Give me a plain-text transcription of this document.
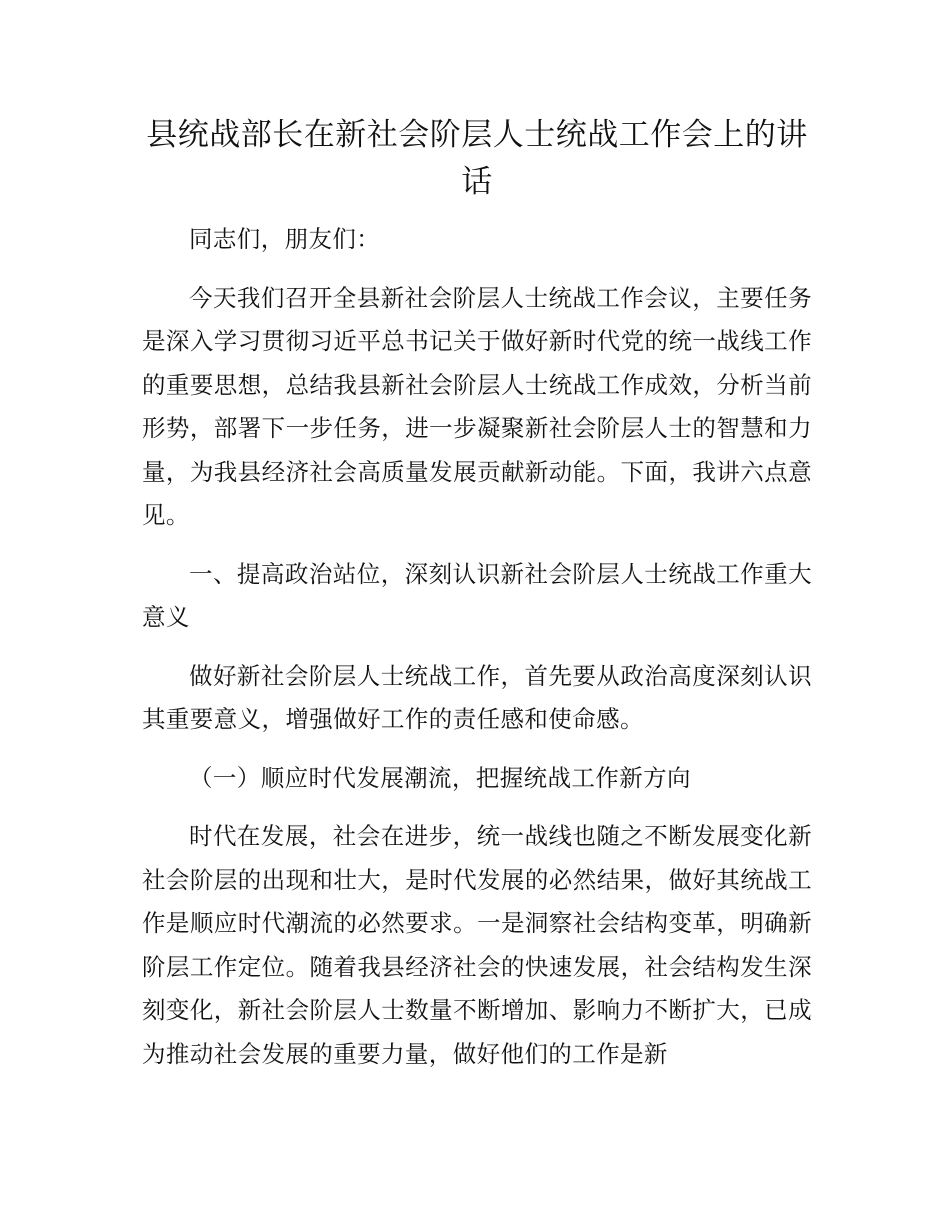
县统战部长在新社会阶层人士统战工作会上的讲话

同志们，朋友们：

今天我们召开全县新社会阶层人士统战工作会议，主要任务是深入学习贯彻习近平总书记关于做好新时代党的统一战线工作的重要思想，总结我县新社会阶层人士统战工作成效，分析当前形势，部署下一步任务，进一步凝聚新社会阶层人士的智慧和力量，为我县经济社会高质量发展贡献新动能。下面，我讲六点意见。

一、提高政治站位，深刻认识新社会阶层人士统战工作重大意义

做好新社会阶层人士统战工作，首先要从政治高度深刻认识其重要意义，增强做好工作的责任感和使命感。

（一）顺应时代发展潮流，把握统战工作新方向

时代在发展，社会在进步，统一战线也随之不断发展变化新社会阶层的出现和壮大，是时代发展的必然结果，做好其统战工作是顺应时代潮流的必然要求。一是洞察社会结构变革，明确新阶层工作定位。随着我县经济社会的快速发展，社会结构发生深刻变化，新社会阶层人士数量不断增加、影响力不断扩大，已成为推动社会发展的重要力量，做好他们的工作是新
